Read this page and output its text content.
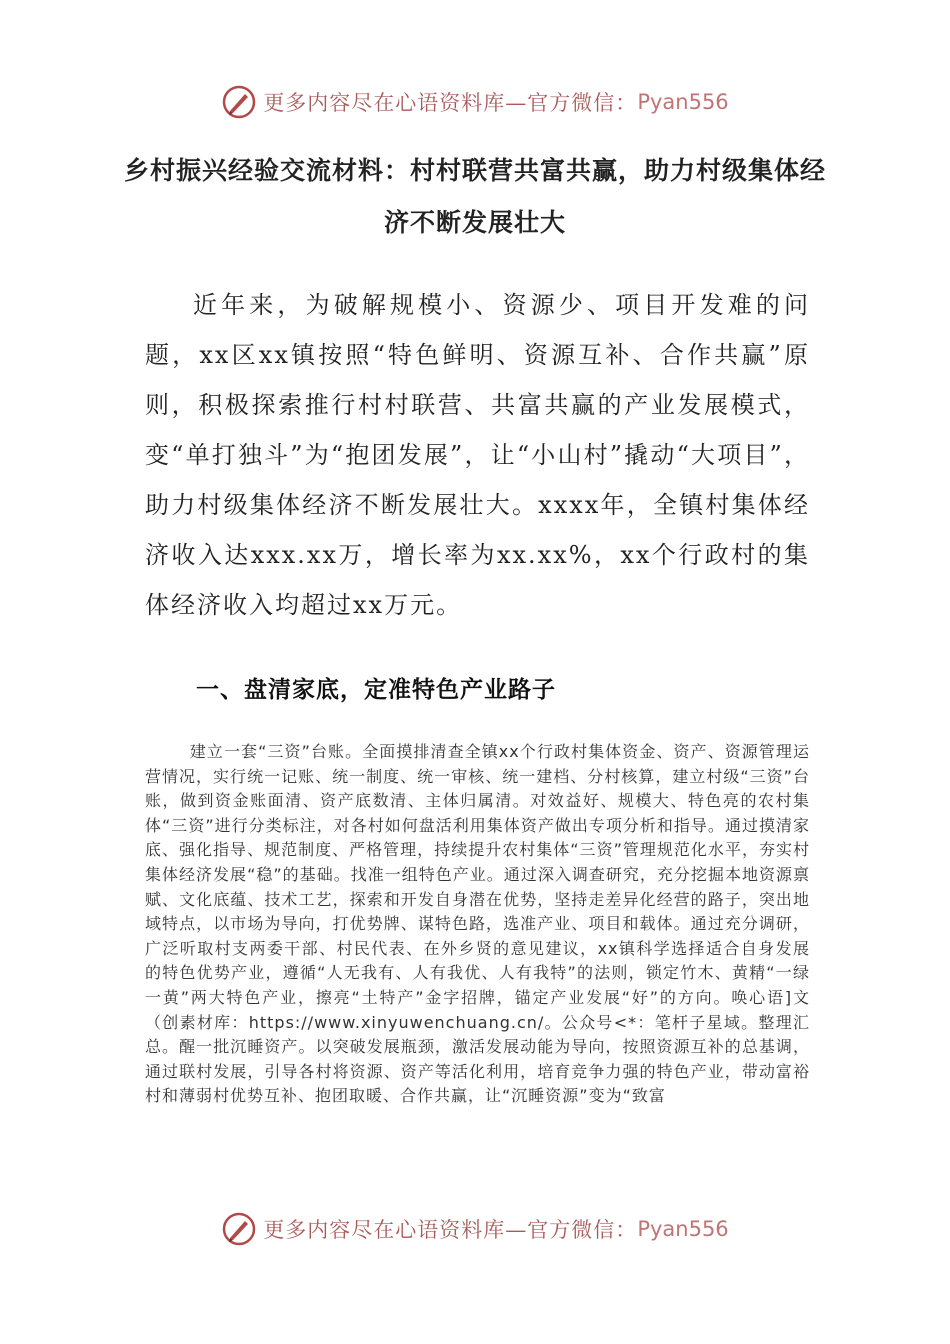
更多内容尽在心语资料库—官方微信： Pyan556
乡村振兴经验交流材料：村村联营共富共赢，助力村级集体经济不断发展壮大
近年来，为破解规模小、资源少、项目开发难的问题，xx区xx镇按照“特色鲜明、资源互补、合作共赢”原则，积极探索推行村村联营、共富共赢的产业发展模式，变“单打独斗”为“抱团发展”，让“小山村”撬动“大项目”，助力村级集体经济不断发展壮大。xxxx年，全镇村集体经济收入达xxx.xx万，增长率为xx.xx%，xx个行政村的集体经济收入均超过xx万元。
一、盘清家底，定准特色产业路子
建立一套“三资”台账。全面摸排清查全镇xx个行政村集体资金、资产、资源管理运营情况，实行统一记账、统一制度、统一审核、统一建档、分村核算，建立村级“三资”台账，做到资金账面清、资产底数清、主体归属清。对效益好、规模大、特色亮的农村集体“三资”进行分类标注，对各村如何盘活利用集体资产做出专项分析和指导。通过摸清家底、强化指导、规范制度、严格管理，持续提升农村集体“三资”管理规范化水平，夯实村集体经济发展“稳”的基础。找准一组特色产业。通过深入调查研究，充分挖掘本地资源禀赋、文化底蕴、技术工艺，探索和开发自身潜在优势，坚持走差异化经营的路子，突出地域特点，以市场为导向，打优势牌、谋特色路，选准产业、项目和载体。通过充分调研，广泛听取村支两委干部、村民代表、在外乡贤的意见建议，xx镇科学选择适合自身发展的特色优势产业，遵循“人无我有、人有我优、人有我特”的法则，锁定竹木、黄精“一绿一黄”两大特色产业，擦亮“土特产”金字招牌，锚定产业发展“好”的方向。唤心语]文（创素材库：https://www.xinyuwenchuang.cn/。公众号<*：笔杆子星域。整理汇总。醒一批沉睡资产。以突破发展瓶颈，激活发展动能为导向，按照资源互补的总基调，通过联村发展，引导各村将资源、资产等活化利用，培育竞争力强的特色产业，带动富裕村和薄弱村优势互补、抱团取暖、合作共赢，让“沉睡资源”变为“致富
更多内容尽在心语资料库—官方微信： Pyan556
